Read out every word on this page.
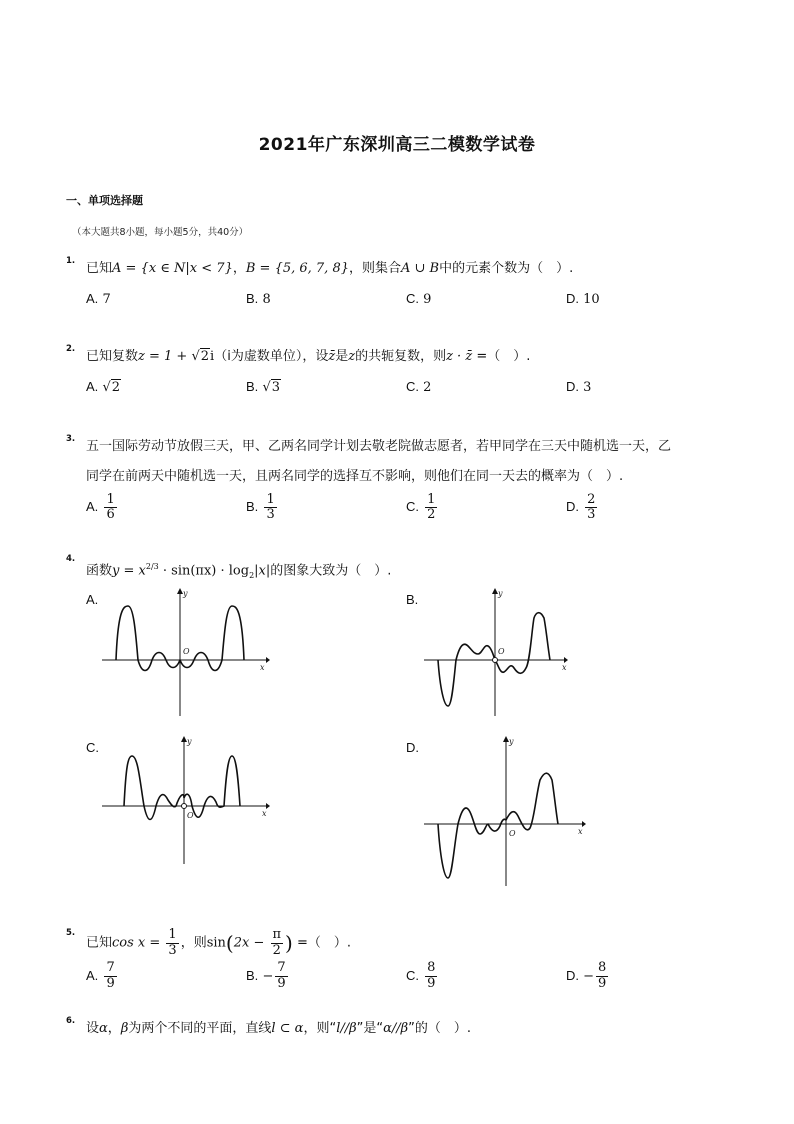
2021年广东深圳高三二模数学试卷
一、单项选择题
（本大题共8小题，每小题5分，共40分）
1. 已知A = {x ∈ N|x < 7}，B = {5, 6, 7, 8}，则集合A ∪ B中的元素个数为（　）.
A. 7	B. 8	C. 9	D. 10
2. 已知复数z = 1 + √2i（i为虚数单位），设z̄是z的共轭复数，则z · z̄ =（　）.
A. √2	B. √3	C. 2	D. 3
3. 五一国际劳动节放假三天，甲、乙两名同学计划去敬老院做志愿者，若甲同学在三天中随机选一天，乙
同学在前两天中随机选一天，且两名同学的选择互不影响，则他们在同一天去的概率为（　）.
A. $\frac{1}{6}$	B. $\frac{1}{3}$	C. $\frac{1}{2}$	D. $\frac{2}{3}$
4.
函数$y = x^{2/3} \cdot \sin(\pi x) \cdot \log_2|x|$的图象大致为（　）.
A.	B.
C.	D.
O
y
x
O
y
x
O
y
x
O
y
x
5.
已知$\cos x = \frac{1}{3}$ ，则$\sin(2x - \frac{\pi}{2}$ ) =（　）.
A. $\frac{7}{9}$	B. − $\frac{7}{9}$	C. $\frac{8}{9}$	D. − $\frac{8}{9}$
6. 设α，β为两个不同的平面，直线l ⊂ α，则“l//β”是“α//β”的（　）.
